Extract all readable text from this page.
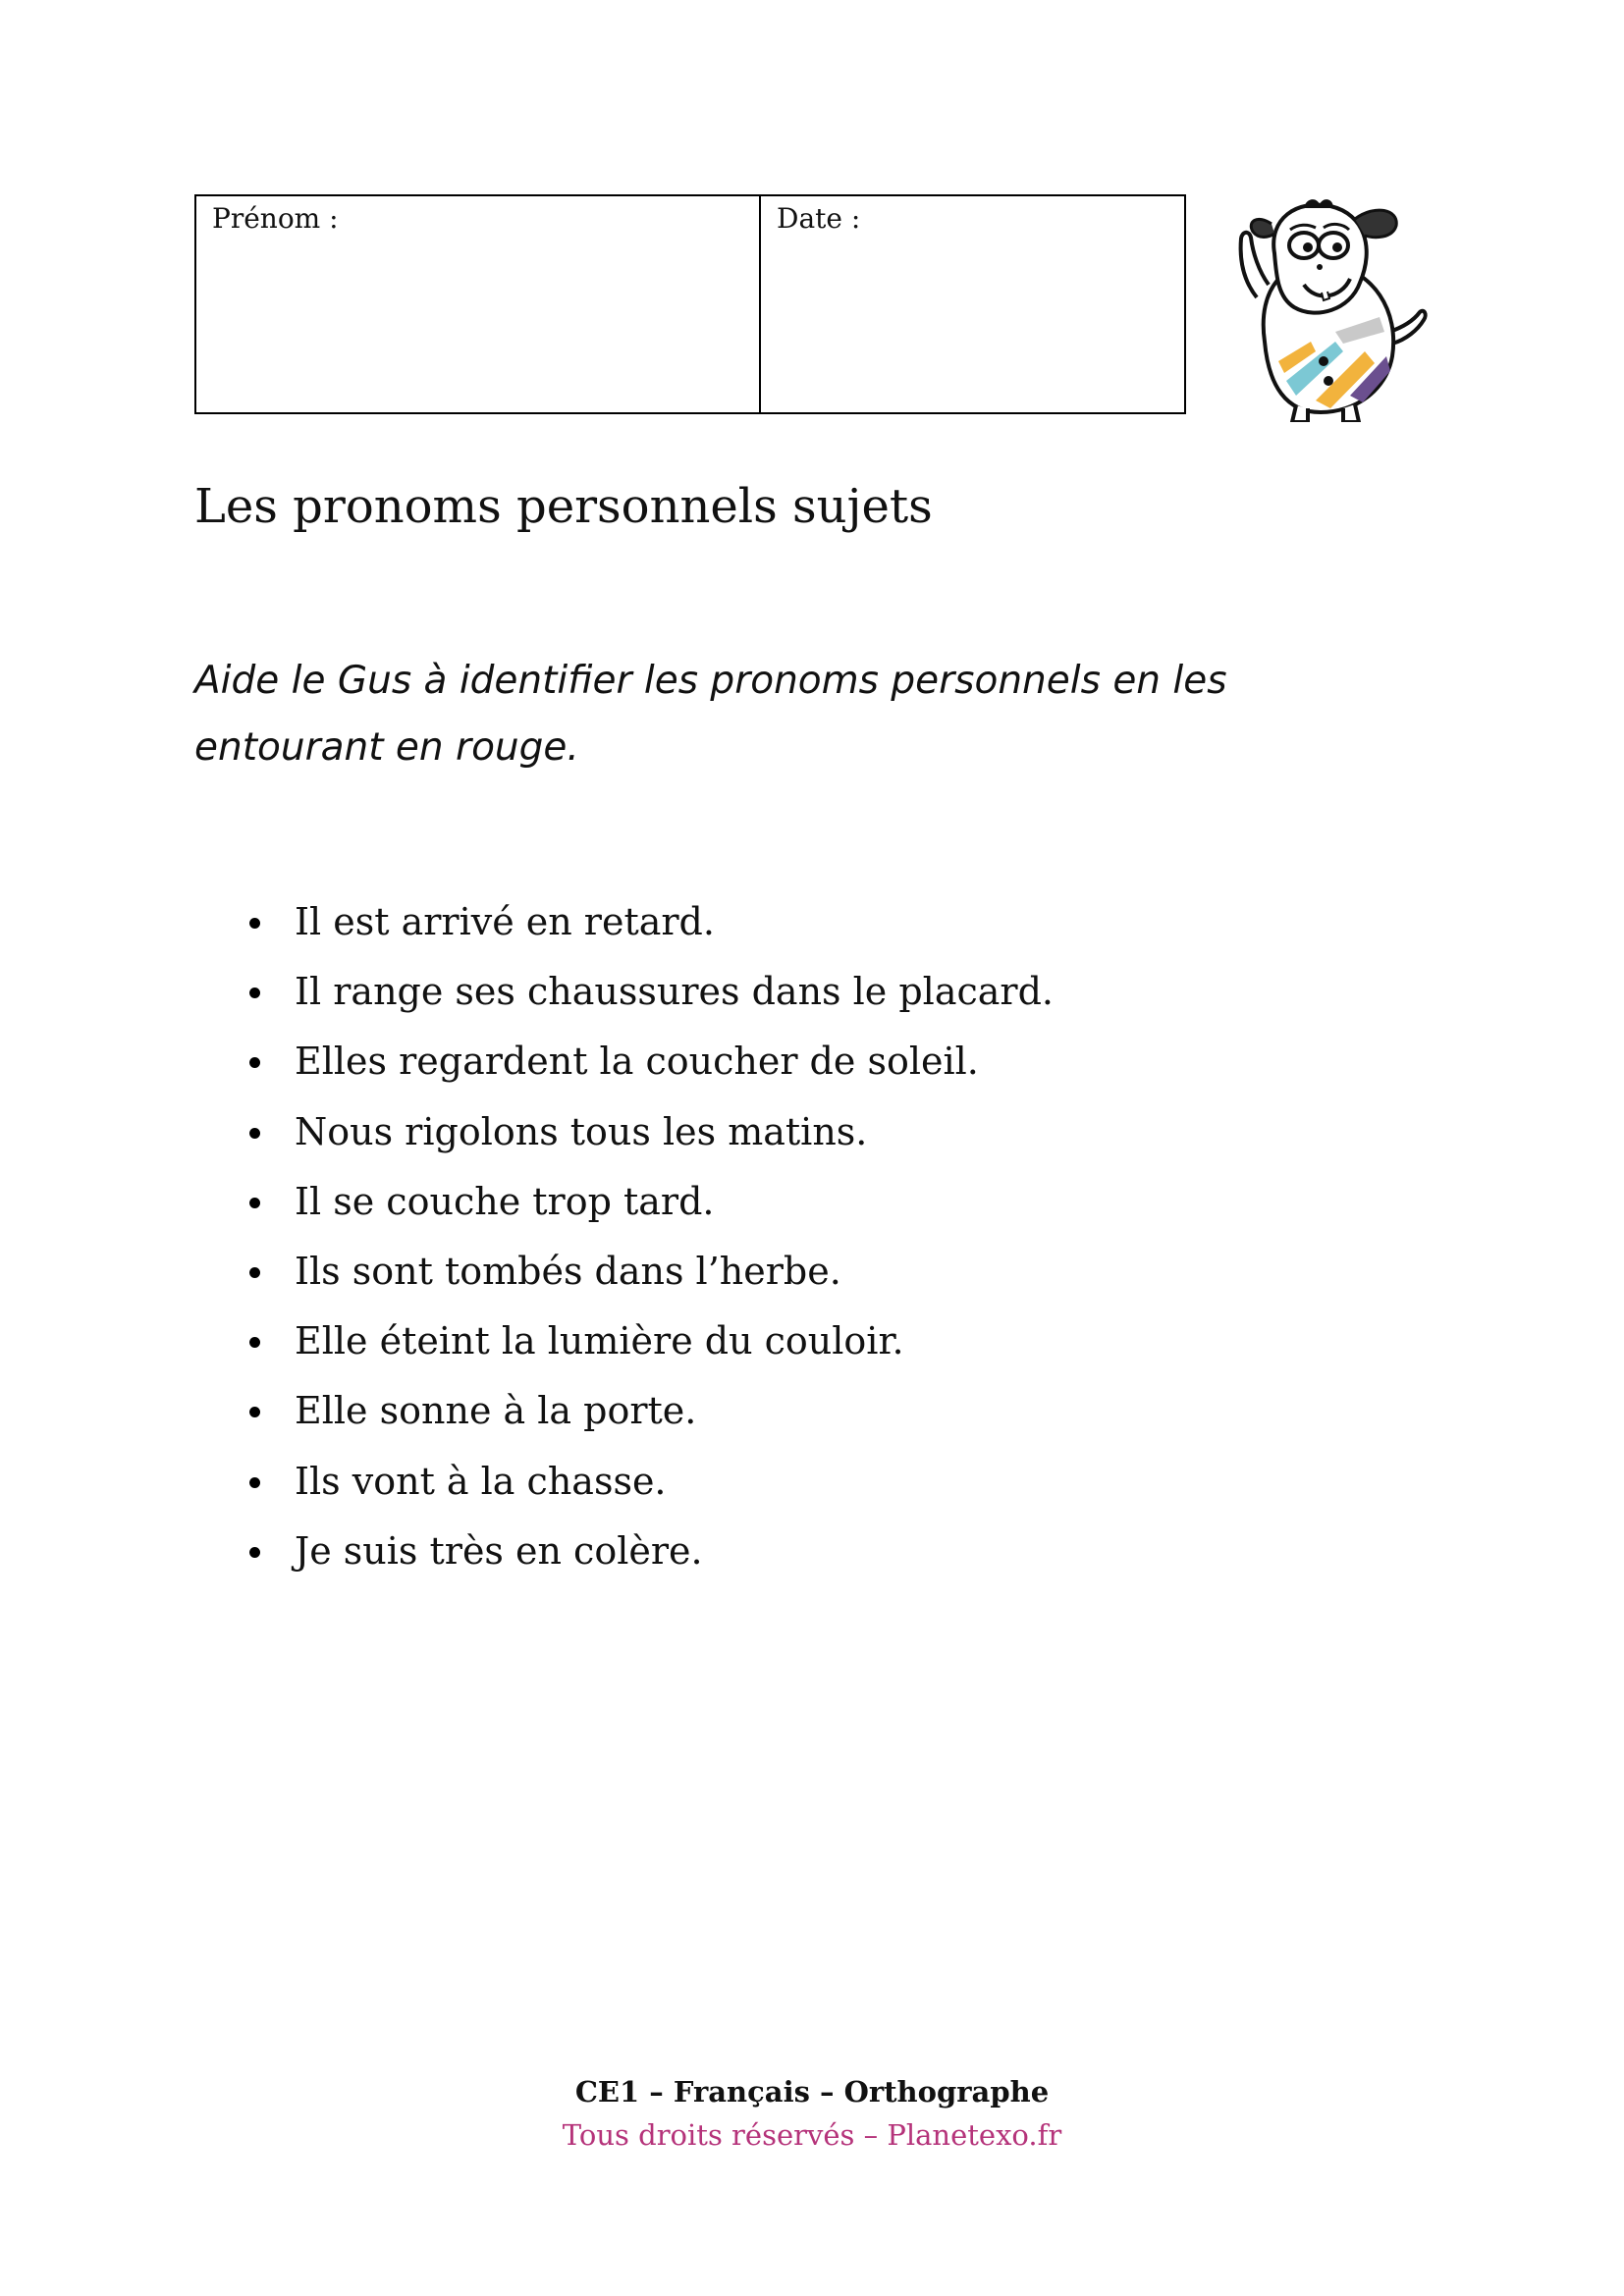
Prénom :	Date :
Les pronoms personnels sujets
Aide le Gus à identifier les pronoms personnels en les entourant en rouge.
Il est arrivé en retard.
Il range ses chaussures dans le placard.
Elles regardent la coucher de soleil.
Nous rigolons tous les matins.
Il se couche trop tard.
Ils sont tombés dans l’herbe.
Elle éteint la lumière du couloir.
Elle sonne à la porte.
Ils vont à la chasse.
Je suis très en colère.
CE1 – Français – Orthographe
Tous droits réservés – Planetexo.fr
